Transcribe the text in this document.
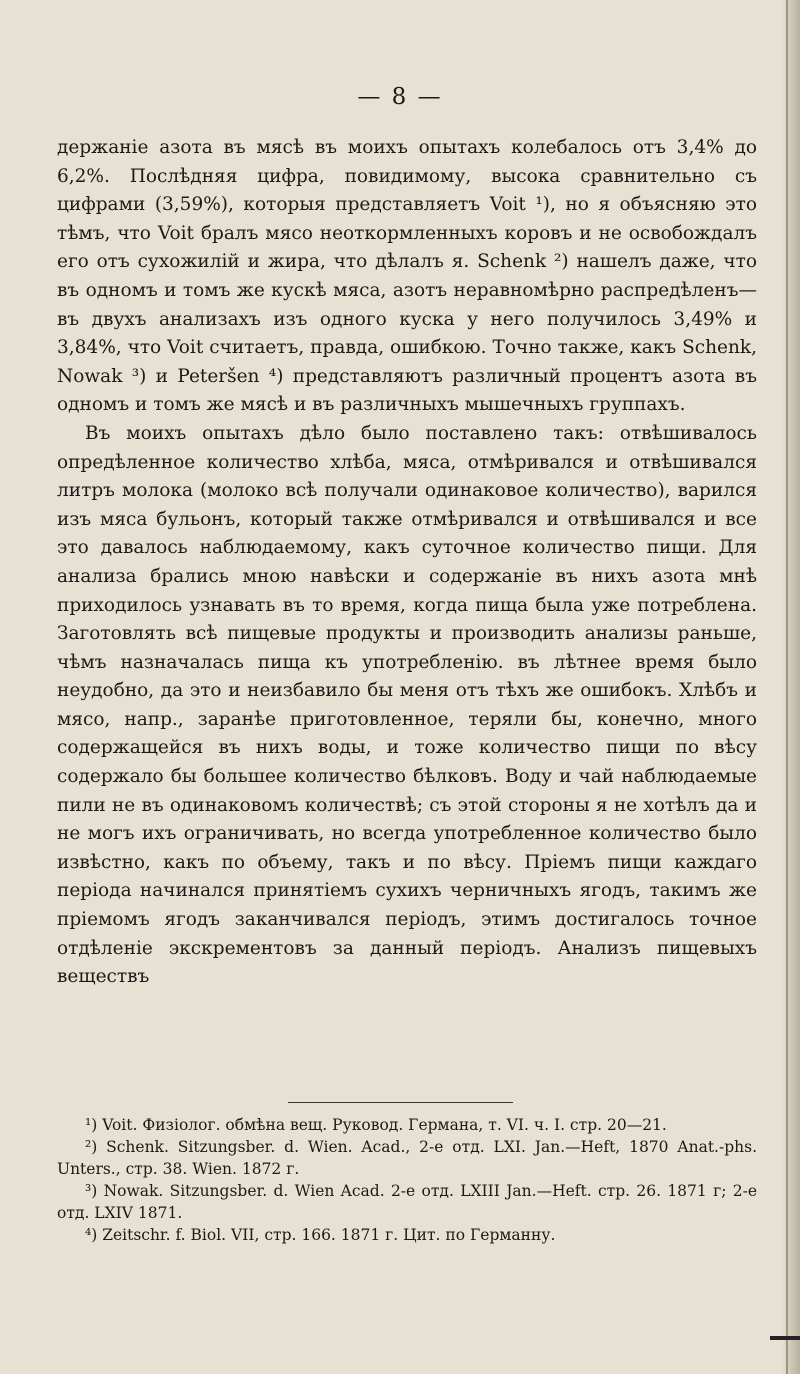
— 8 —

держаніе азота въ мясѣ въ моихъ опытахъ колебалось отъ 3,4% до 6,2%. Послѣдняя цифра, повидимому, высока сравнительно съ цифрами (3,59%), которыя представляетъ Voit ¹), но я объясняю это тѣмъ, что Voit бралъ мясо неоткормленныхъ коровъ и не освобождалъ его отъ сухожилій и жира, что дѣлалъ я. Schenk ²) нашелъ даже, что въ одномъ и томъ же кускѣ мяса, азотъ неравномѣрно распредѣленъ—въ двухъ анализахъ изъ одного куска у него получилось 3,49% и 3,84%, что Voit считаетъ, правда, ошибкою. Точно также, какъ Schenk, Nowak ³) и Peteršen ⁴) представляютъ различный процентъ азота въ одномъ и томъ же мясѣ и въ различныхъ мышечныхъ группахъ.

Въ моихъ опытахъ дѣло было поставлено такъ: отвѣшивалось опредѣленное количество хлѣба, мяса, отмѣривался и отвѣшивался литръ молока (молоко всѣ получали одинаковое количество), варился изъ мяса бульонъ, который также отмѣривался и отвѣшивался и все это давалось наблюдаемому, какъ суточное количество пищи. Для анализа брались мною навѣски и содержаніе въ нихъ азота мнѣ приходилось узнавать въ то время, когда пища была уже потреблена. Заготовлять всѣ пищевые продукты и производить анализы раньше, чѣмъ назначалась пища къ употребленію. въ лѣтнее время было неудобно, да это и неизбавило бы меня отъ тѣхъ же ошибокъ. Хлѣбъ и мясо, напр., заранѣе приготовленное, теряли бы, конечно, много содержащейся въ нихъ воды, и тоже количество пищи по вѣсу содержало бы большее количество бѣлковъ. Воду и чай наблюдаемые пили не въ одинаковомъ количествѣ; съ этой стороны я не хотѣлъ да и не могъ ихъ ограничивать, но всегда употребленное количество было извѣстно, какъ по объему, такъ и по вѣсу. Пріемъ пищи каждаго періода начинался принятіемъ сухихъ черничныхъ ягодъ, такимъ же пріемомъ ягодъ заканчивался періодъ, этимъ достигалось точное отдѣленіе экскрементовъ за данный періодъ. Анализъ пищевыхъ веществъ

¹) Voit. Физіолог. обмѣна вещ. Руковод. Германа, т. VI. ч. I. стр. 20—21.

²) Schenk. Sitzungsber. d. Wien. Acad., 2-е отд. LXI. Jan.—Heft, 1870 Anat.-phs. Unters., стр. 38. Wien. 1872 г.

³) Nowak. Sitzungsber. d. Wien Acad. 2-е отд. LXIII Jan.—Heft. стр. 26. 1871 г; 2-е отд. LXIV 1871.

⁴) Zeitschr. f. Biol. VII, стр. 166. 1871 г. Цит. по Германну.
